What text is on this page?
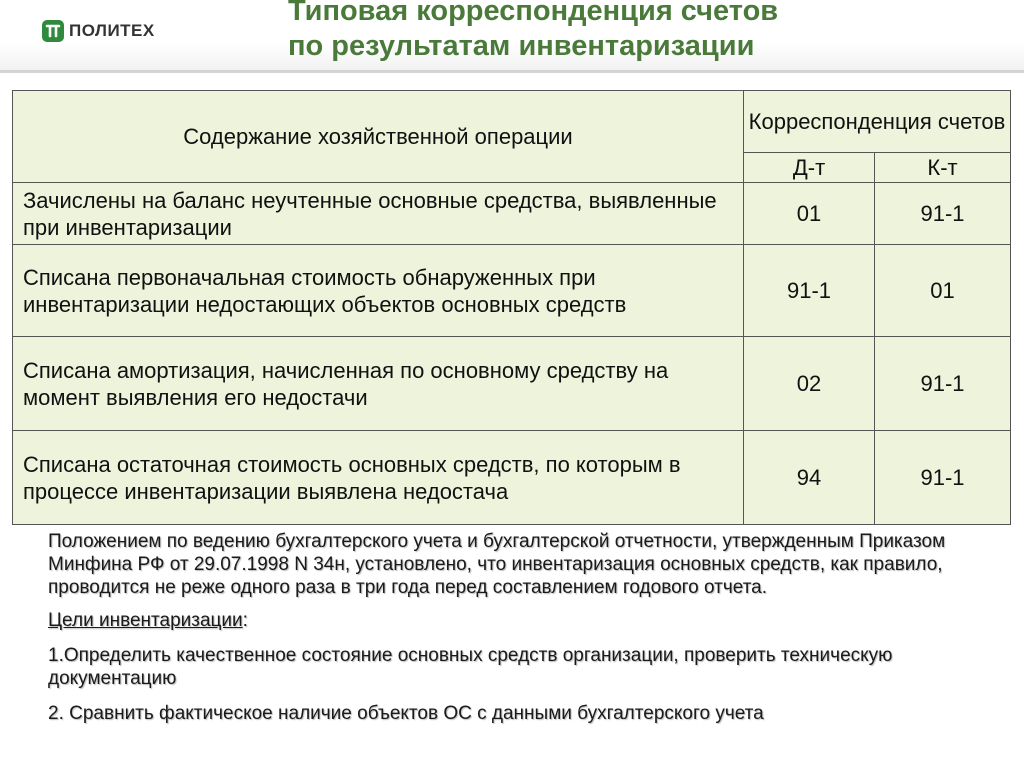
ПОЛИТЕХ
Типовая корреспонденция счетов
по результатам инвентаризации
Содержание хозяйственной операции	Корреспонденция счетов	
	Д-т	К-т
Зачислены на баланс неучтенные основные средства, выявленные при инвентаризации	01	91-1
Списана первоначальная стоимость обнаруженных при инвентаризации недостающих объектов основных средств	91-1	01
Списана амортизация, начисленная по основному средству на момент выявления его недостачи	02	91-1
Списана остаточная стоимость основных средств, по которым в процессе инвентаризации выявлена недостача	94	91-1

Положением по ведению бухгалтерского учета и бухгалтерской отчетности, утвержденным Приказом Минфина РФ от 29.07.1998 N 34н, установлено, что инвентаризация основных средств, как правило, проводится не реже одного раза в три года перед составлением годового отчета.

Цели инвентаризации:

1.Определить качественное состояние основных средств организации, проверить техническую документацию

2. Сравнить фактическое наличие объектов ОС с данными бухгалтерского учета
